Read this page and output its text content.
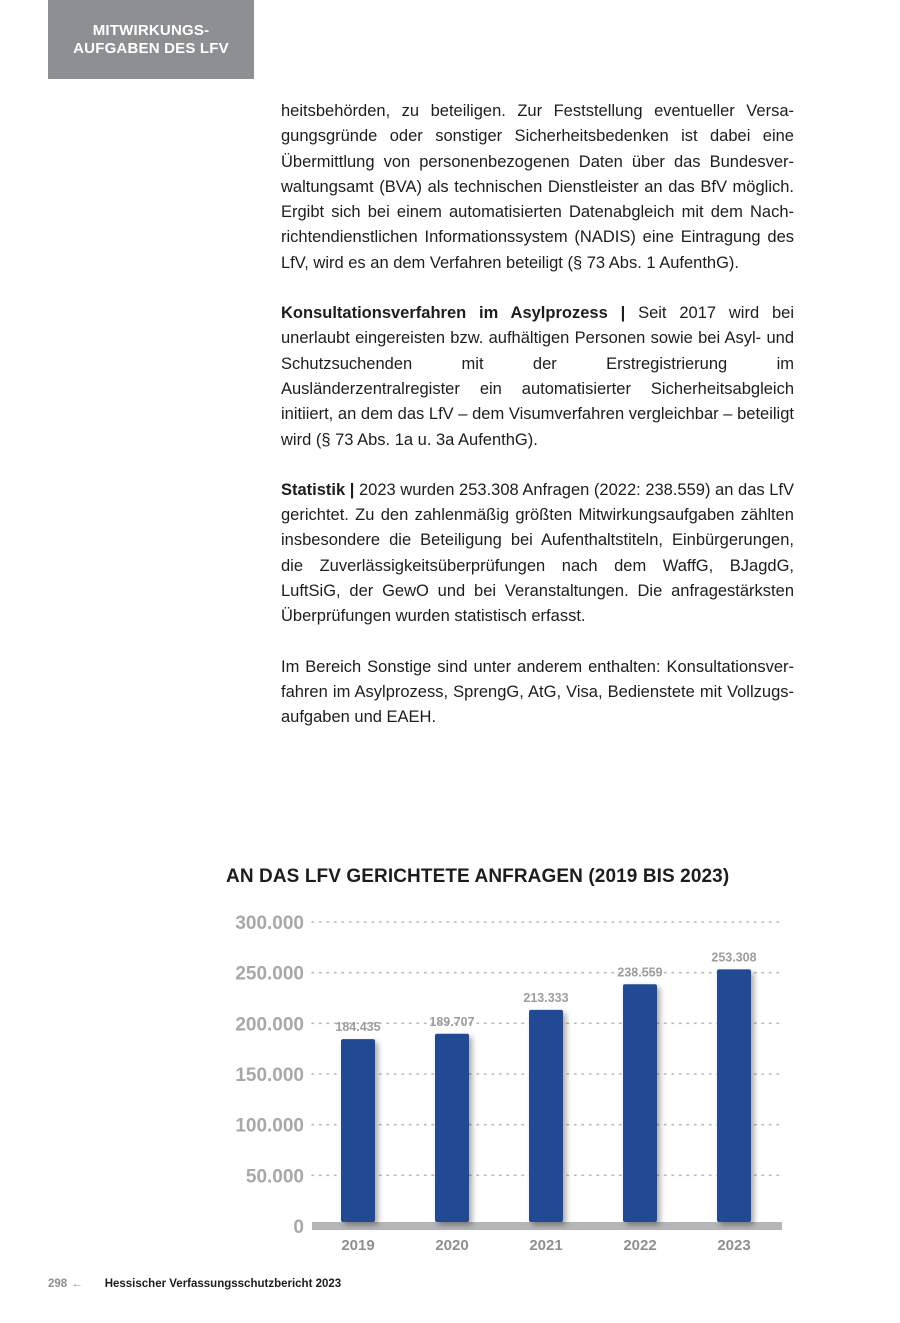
MITWIRKUNGS-
AUFGABEN DES LFV

heitsbehörden, zu beteiligen. Zur Feststellung eventueller Versagungsgründe oder sonstiger Sicherheitsbedenken ist dabei eine Übermittlung von personenbezogenen Daten über das Bundesverwaltungsamt (BVA) als technischen Dienstleister an das BfV möglich. Ergibt sich bei einem automatisierten Datenabgleich mit dem Nachrichtendienstlichen Informationssystem (NADIS) eine Eintragung des LfV, wird es an dem Verfahren beteiligt (§ 73 Abs. 1 AufenthG).

Konsultationsverfahren im Asylprozess | Seit 2017 wird bei unerlaubt eingereisten bzw. aufhältigen Personen sowie bei Asyl- und Schutzsuchenden mit der Erstregistrierung im Ausländerzentralregister ein automatisierter Sicherheitsabgleich initiiert, an dem das LfV – dem Visumverfahren vergleichbar – beteiligt wird (§ 73 Abs. 1a u. 3a AufenthG).

Statistik | 2023 wurden 253.308 Anfragen (2022: 238.559) an das LfV gerichtet. Zu den zahlenmäßig größten Mitwirkungsaufgaben zählten insbesondere die Beteiligung bei Aufenthaltstiteln, Einbürgerungen, die Zuverlässigkeitsüberprüfungen nach dem WaffG, BJagdG, LuftSiG, der GewO und bei Veranstaltungen. Die anfragestärksten Überprüfungen wurden statistisch erfasst.

Im Bereich Sonstige sind unter anderem enthalten: Konsultationsverfahren im Asylprozess, SprengG, AtG, Visa, Bedienstete mit Vollzugsaufgaben und EAEH.

AN DAS LFV GERICHTETE ANFRAGEN (2019 BIS 2023)
0
50.000
100.000
150.000
200.000
250.000
300.000
184.435
2019
189.707
2020
213.333
2021
238.559
2022
253.308
2023
298 ← Hessischer Verfassungsschutzbericht 2023
